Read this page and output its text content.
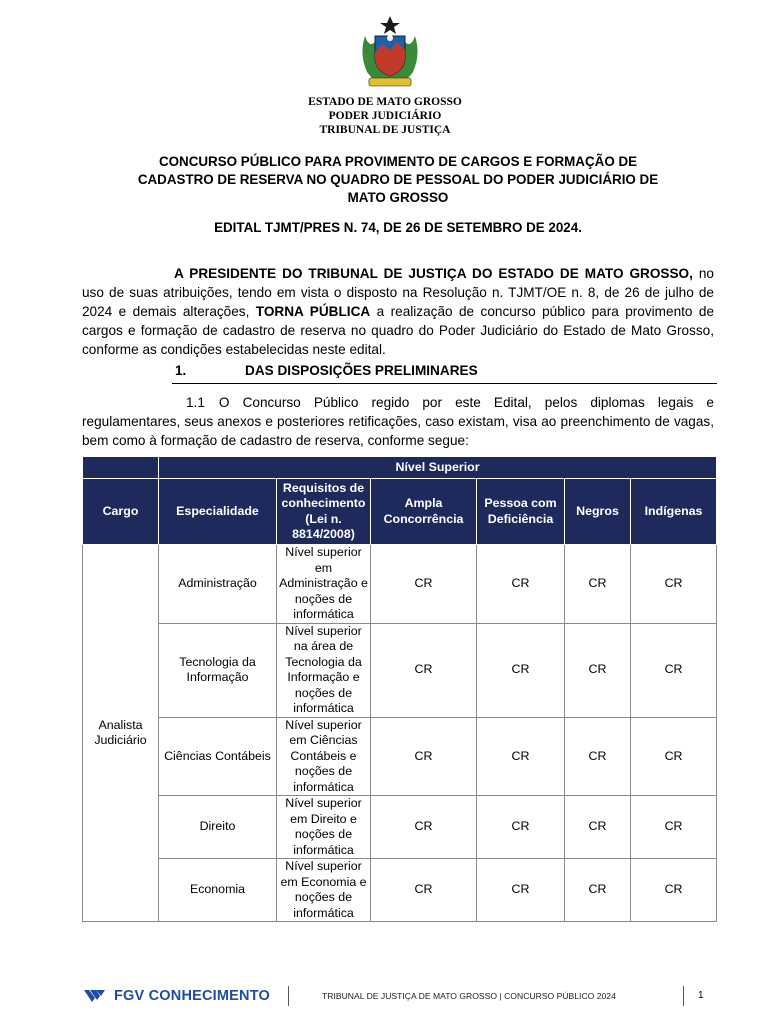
ESTADO DE MATO GROSSO
PODER JUDICIÁRIO
TRIBUNAL DE JUSTIÇA
CONCURSO PÚBLICO PARA PROVIMENTO DE CARGOS E FORMAÇÃO DE
CADASTRO DE RESERVA NO QUADRO DE PESSOAL DO PODER JUDICIÁRIO DE
MATO GROSSO
EDITAL TJMT/PRES N. 74, DE 26 DE SETEMBRO DE 2024.
A PRESIDENTE DO TRIBUNAL DE JUSTIÇA DO ESTADO DE MATO GROSSO, no uso de suas atribuições, tendo em vista o disposto na Resolução n. TJMT/OE n. 8, de 26 de julho de 2024 e demais alterações, TORNA PÚBLICA a realização de concurso público para provimento de cargos e formação de cadastro de reserva no quadro do Poder Judiciário do Estado de Mato Grosso, conforme as condições estabelecidas neste edital.
1.	DAS DISPOSIÇÕES PRELIMINARES
1.1 O Concurso Público regido por este Edital, pelos diplomas legais e regulamentares, seus anexos e posteriores retificações, caso existam, visa ao preenchimento de vagas, bem como à formação de cadastro de reserva, conforme segue:
	Nível Superior					
Cargo	Especialidade	Requisitos de conhecimento (Lei n. 8814/2008)	Ampla Concorrência	Pessoa com Deficiência	Negros	Indígenas
Analista Judiciário	Administração	Nível superior em Administração e noções de informática	CR	CR	CR	CR
	Tecnologia da Informação	Nível superior na área de Tecnologia da Informação e noções de informática	CR	CR	CR	CR
	Ciências Contábeis	Nível superior em Ciências Contábeis e noções de informática	CR	CR	CR	CR
	Direito	Nível superior em Direito e noções de informática	CR	CR	CR	CR
	Economia	Nível superior em Economia e noções de informática	CR	CR	CR	CR
FGV CONHECIMENTO	TRIBUNAL DE JUSTIÇA DE MATO GROSSO | CONCURSO PÚBLICO 2024	1
